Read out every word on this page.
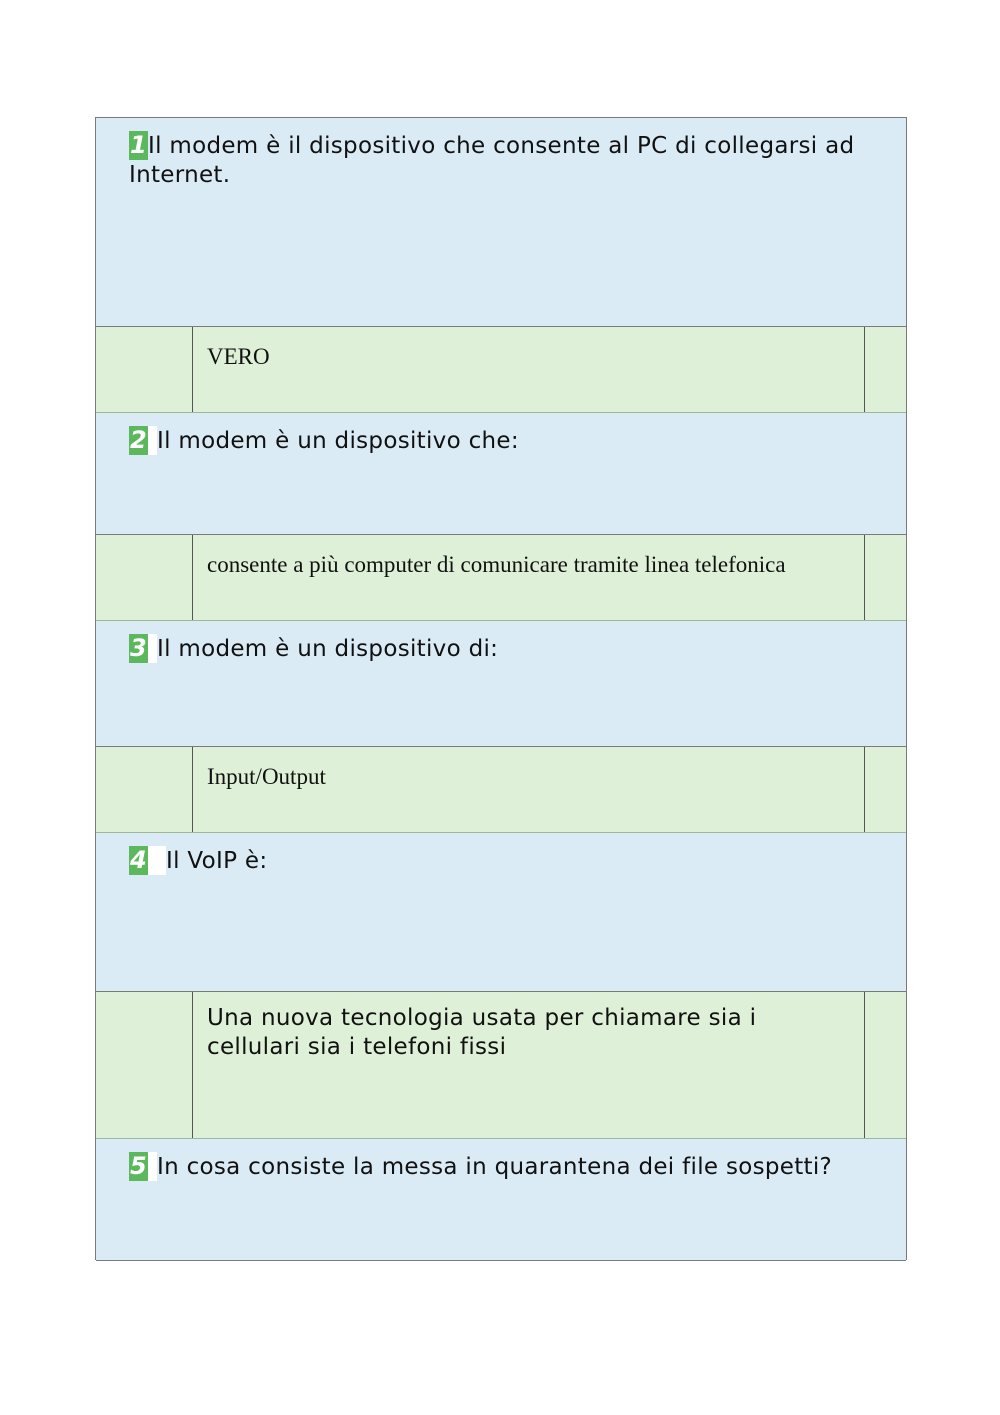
1Il modem è il dispositivo che consente al PC di collegarsi ad Internet.
VERO
2 Il modem è un dispositivo che:
consente a più computer di comunicare tramite linea telefonica
3 Il modem è un dispositivo di:
Input/Output
4 Il VoIP è:
Una nuova tecnologia usata per chiamare sia i cellulari sia i telefoni fissi
5 In cosa consiste la messa in quarantena dei file sospetti?
